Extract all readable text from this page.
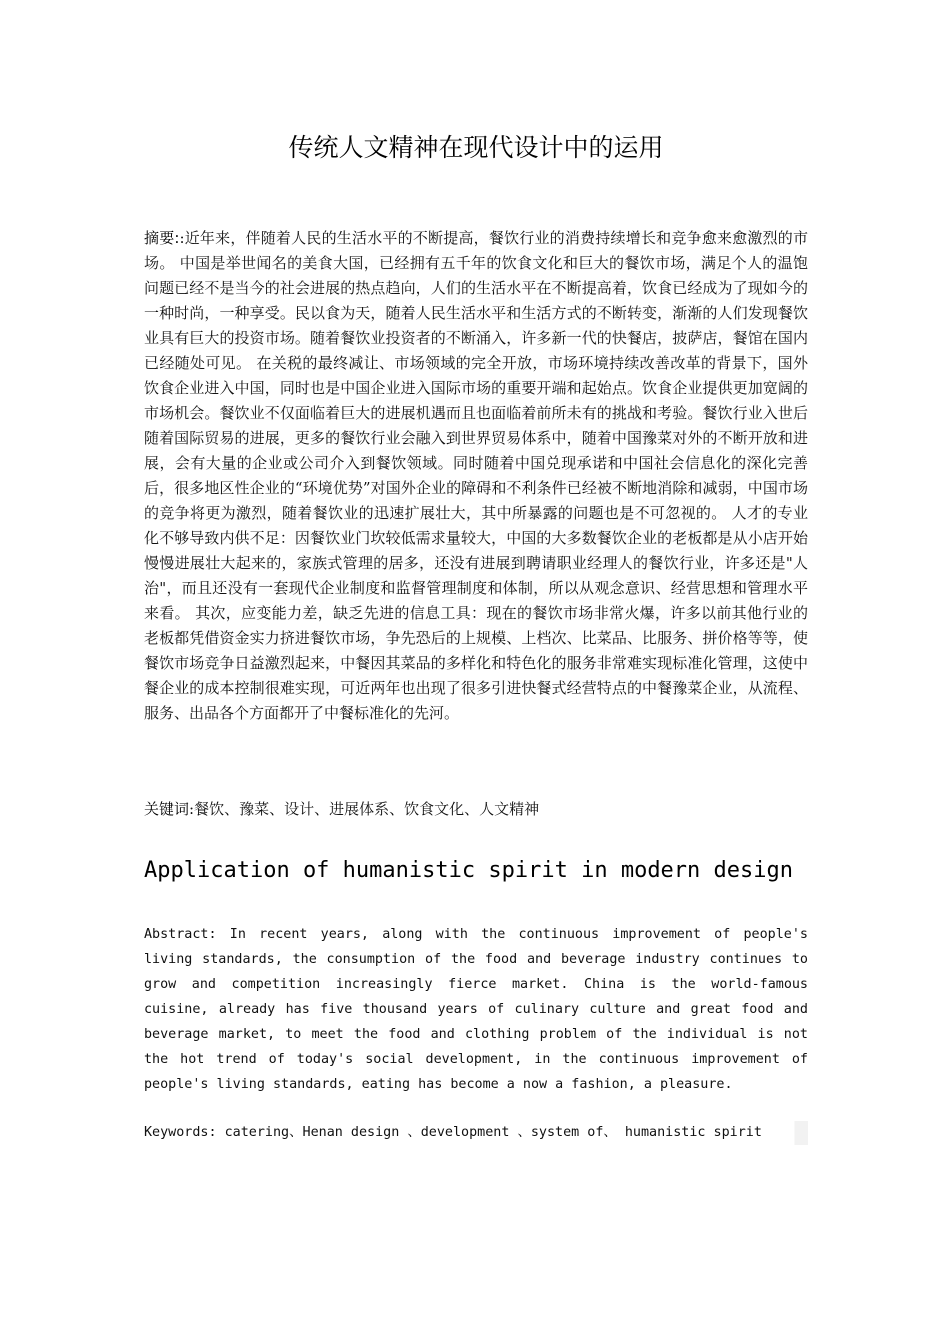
传统人文精神在现代设计中的运用
摘要::近年来，伴随着人民的生活水平的不断提高，餐饮行业的消费持续增长和竞争愈来愈激烈的市场。 中国是举世闻名的美食大国，已经拥有五千年的饮食文化和巨大的餐饮市场，满足个人的温饱问题已经不是当今的社会进展的热点趋向，人们的生活水平在不断提高着，饮食已经成为了现如今的一种时尚，一种享受。民以食为天，随着人民生活水平和生活方式的不断转变，渐渐的人们发现餐饮业具有巨大的投资市场。随着餐饮业投资者的不断涌入，许多新一代的快餐店，披萨店，餐馆在国内已经随处可见。 在关税的最终减让、市场领域的完全开放，市场环境持续改善改革的背景下，国外饮食企业进入中国，同时也是中国企业进入国际市场的重要开端和起始点。饮食企业提供更加宽阔的市场机会。餐饮业不仅面临着巨大的进展机遇而且也面临着前所未有的挑战和考验。餐饮行业入世后随着国际贸易的进展，更多的餐饮行业会融入到世界贸易体系中，随着中国豫菜对外的不断开放和进展，会有大量的企业或公司介入到餐饮领域。同时随着中国兑现承诺和中国社会信息化的深化完善后，很多地区性企业的“环境优势”对国外企业的障碍和不利条件已经被不断地消除和减弱，中国市场的竞争将更为激烈，随着餐饮业的迅速扩展壮大，其中所暴露的问题也是不可忽视的。 人才的专业化不够导致内供不足：因餐饮业门坎较低需求量较大，中国的大多数餐饮企业的老板都是从小店开始慢慢进展壮大起来的，家族式管理的居多，还没有进展到聘请职业经理人的餐饮行业，许多还是"人治"，而且还没有一套现代企业制度和监督管理制度和体制，所以从观念意识、经营思想和管理水平来看。 其次，应变能力差，缺乏先进的信息工具：现在的餐饮市场非常火爆，许多以前其他行业的老板都凭借资金实力挤进餐饮市场，争先恐后的上规模、上档次、比菜品、比服务、拼价格等等，使餐饮市场竞争日益激烈起来，中餐因其菜品的多样化和特色化的服务非常难实现标准化管理，这使中餐企业的成本控制很难实现，可近两年也出现了很多引进快餐式经营特点的中餐豫菜企业，从流程、服务、出品各个方面都开了中餐标准化的先河。
关键词:餐饮、豫菜、设计、进展体系、饮食文化、人文精神
Application of humanistic spirit in modern design
Abstract: In recent years, along with the continuous improvement of people's living standards, the consumption of the food and beverage industry continues to grow and competition increasingly fierce market. China is the world-famous cuisine, already has five thousand years of culinary culture and great food and beverage market, to meet the food and clothing problem of the individual is not the hot trend of today's social development, in the continuous improvement of people's living standards, eating has become a now a fashion, a pleasure.
Keywords: catering、Henan design 、development 、system of、 humanistic spirit
